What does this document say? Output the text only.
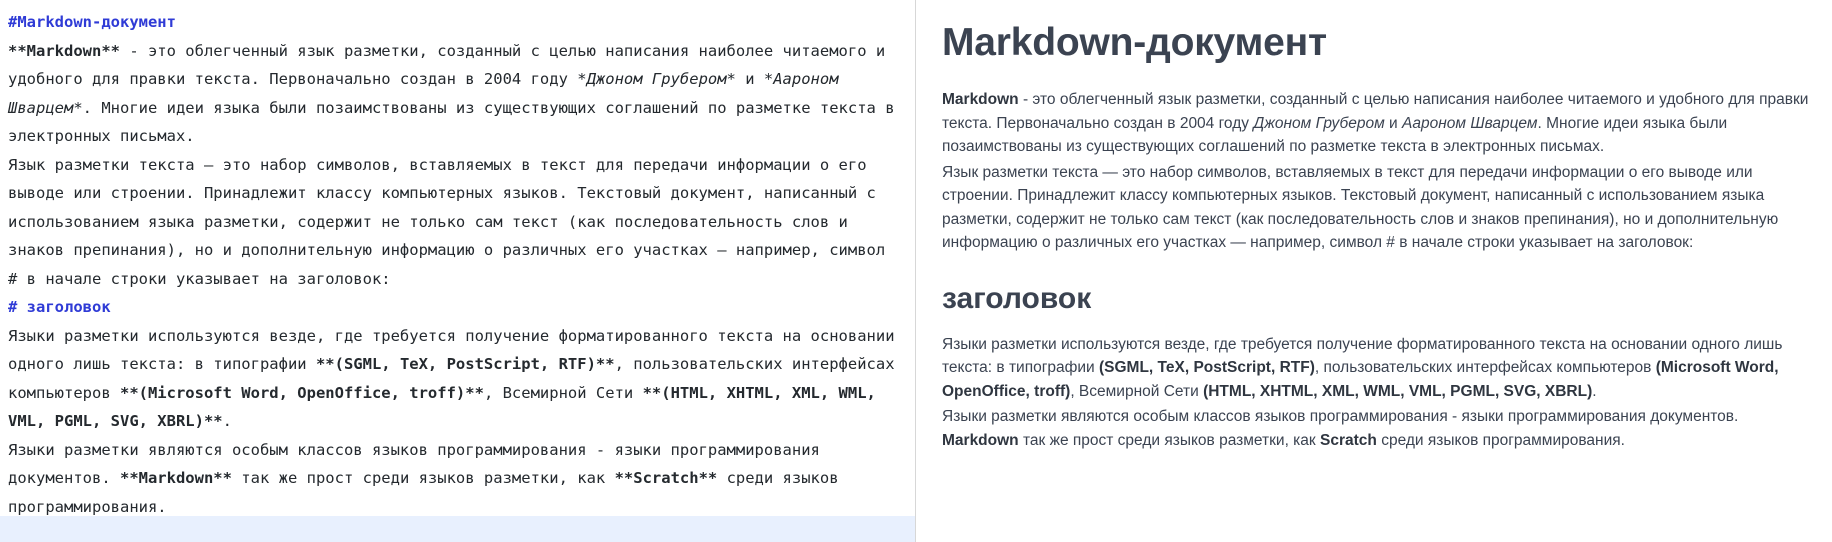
#Markdown-документ
**Markdown** - это облегченный язык разметки, созданный с целью написания наиболее читаемого и удобного для правки текста. Первоначально создан в 2004 году *Джоном Грубером* и *Аароном Шварцем*. Многие идеи языка были позаимствованы из существующих соглашений по разметке текста в электронных письмах.
Язык разметки текста — это набор символов, вставляемых в текст для передачи информации о его выводе или строении. Принадлежит классу компьютерных языков. Текстовый документ, написанный с использованием языка разметки, содержит не только сам текст (как последовательность слов и знаков препинания), но и дополнительную информацию о различных его участках — например, символ # в начале строки указывает на заголовок:
# заголовок
Языки разметки используются везде, где требуется получение форматированного текста на основании одного лишь текста: в типографии **(SGML, TeX, PostScript, RTF)**, пользовательских интерфейсах компьютеров **(Microsoft Word, OpenOffice, troff)**, Всемирной Сети **(HTML, XHTML, XML, WML, VML, PGML, SVG, XBRL)**.
Языки разметки являются особым классов языков программирования - языки программирования документов. **Markdown** так же прост среди языков разметки, как **Scratch** среди языков программирования.
Markdown-документ

Markdown - это облегченный язык разметки, созданный с целью написания наиболее читаемого и удобного для правки текста. Первоначально создан в 2004 году Джоном Грубером и Аароном Шварцем. Многие идеи языка были позаимствованы из существующих соглашений по разметке текста в электронных письмах.

Язык разметки текста — это набор символов, вставляемых в текст для передачи информации о его выводе или строении. Принадлежит классу компьютерных языков. Текстовый документ, написанный с использованием языка разметки, содержит не только сам текст (как последовательность слов и знаков препинания), но и дополнительную информацию о различных его участках — например, символ # в начале строки указывает на заголовок:

заголовок

Языки разметки используются везде, где требуется получение форматированного текста на основании одного лишь текста: в типографии (SGML, TeX, PostScript, RTF), пользовательских интерфейсах компьютеров (Microsoft Word, OpenOffice, troff), Всемирной Сети (HTML, XHTML, XML, WML, VML, PGML, SVG, XBRL).

Языки разметки являются особым классов языков программирования - языки программирования документов. Markdown так же прост среди языков разметки, как Scratch среди языков программирования.
